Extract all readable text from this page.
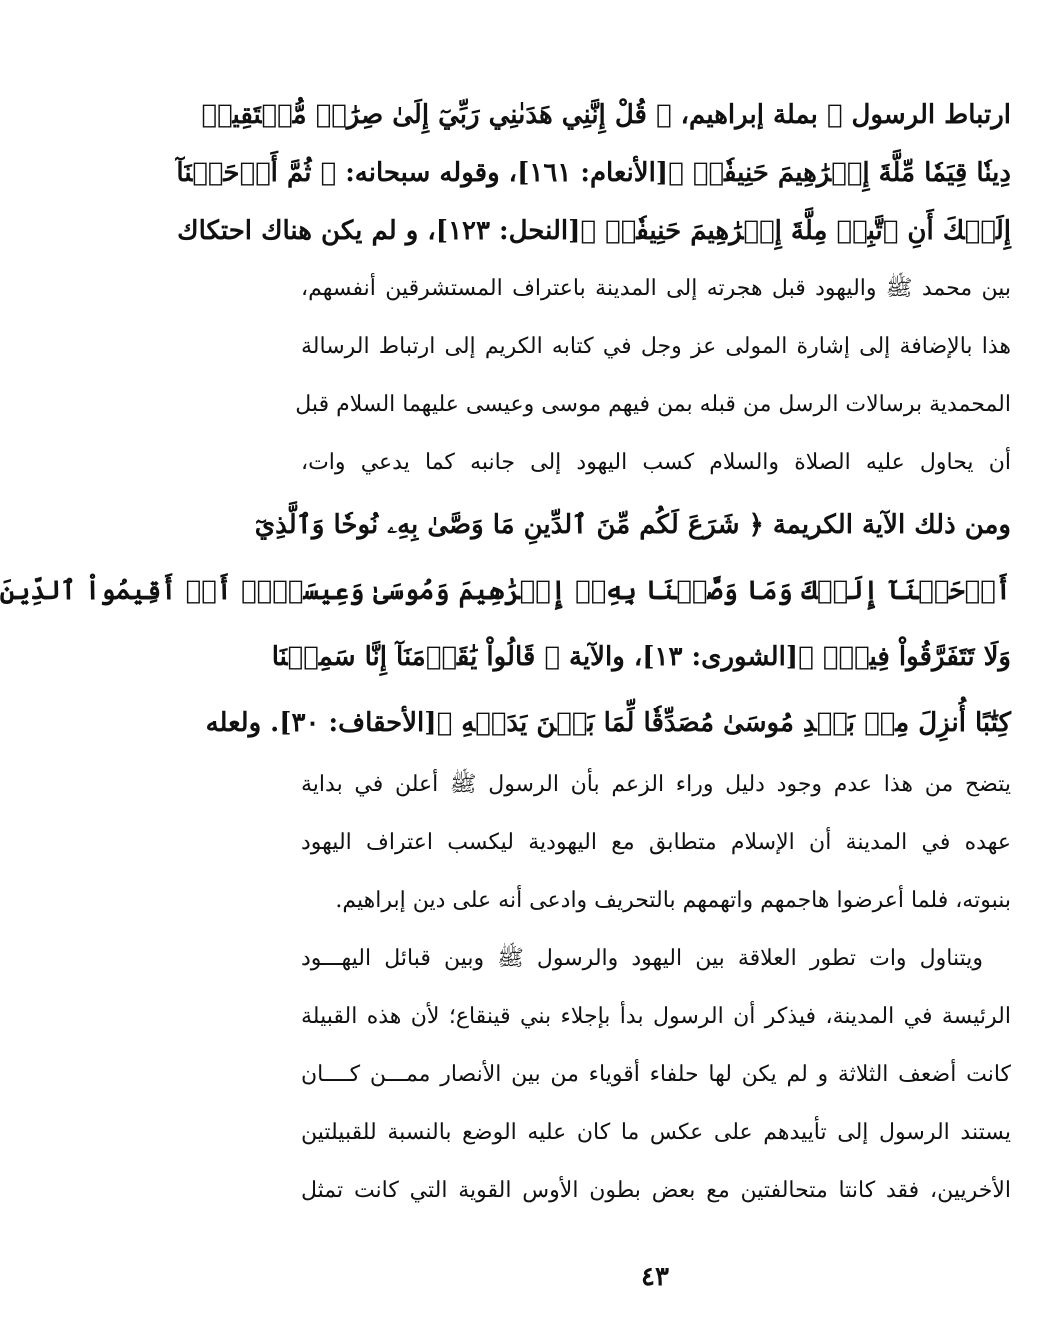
ارتباط الرسول ﷺ بملة إبراهيم، ﴿ قُلْ إِنَّنِي هَدَىٰنِي رَبِّيٓ إِلَىٰ صِرَٰطٖ مُّسۡتَقِيمٖ
دِينٗا قِيَمٗا مِّلَّةَ إِبۡرَٰهِيمَ حَنِيفٗاۚ ﴾[الأنعام: ١٦١]، وقوله سبحانه: ﴿ ثُمَّ أَوۡحَيۡنَآ
إِلَيۡكَ أَنِ ٱتَّبِعۡ مِلَّةَ إِبۡرَٰهِيمَ حَنِيفٗاۖ ﴾[النحل: ١٢٣]، و لم يكن هناك احتكاك
بين محمد ﷺ واليهود قبل هجرته إلى المدينة باعتراف المستشرقين أنفسهم،
هذا بالإضافة إلى إشارة المولى عز وجل في كتابه الكريم إلى ارتباط الرسالة
المحمدية برسالات الرسل من قبله بمن فيهم موسى وعيسى عليهما السلام قبل
أن يحاول عليه الصلاة والسلام كسب اليهود إلى جانبه كما يدعي وات،
ومن ذلك الآية الكريمة ﴿ شَرَعَ لَكُم مِّنَ ٱلدِّينِ مَا وَصَّىٰ بِهِۦ نُوحٗا وَٱلَّذِيٓ
أَوۡحَيۡنَآ إِلَيۡكَ وَمَا وَصَّيۡنَا بِهِۦٓ إِبۡرَٰهِيمَ وَمُوسَىٰ وَعِيسَىٰٓۖ أَنۡ أَقِيمُواْ ٱلدِّينَ
وَلَا تَتَفَرَّقُواْ فِيهِۚ ﴾[الشورى: ١٣]، والآية ﴿ قَالُواْ يَٰقَوۡمَنَآ إِنَّا سَمِعۡنَا
كِتَٰبًا أُنزِلَ مِنۢ بَعۡدِ مُوسَىٰ مُصَدِّقٗا لِّمَا بَيۡنَ يَدَيۡهِ ﴾[الأحقاف: ٣٠]. ولعله
يتضح من هذا عدم وجود دليل وراء الزعم بأن الرسول ﷺ أعلن في بداية
عهده في المدينة أن الإسلام متطابق مع اليهودية ليكسب اعتراف اليهود
بنبوته، فلما أعرضوا هاجمهم واتهمهم بالتحريف وادعى أنه على دين إبراهيم.
ويتناول وات تطور العلاقة بين اليهود والرسول ﷺ وبين قبائل اليهـــود
الرئيسة في المدينة، فيذكر أن الرسول بدأ بإجلاء بني قينقاع؛ لأن هذه القبيلة
كانت أضعف الثلاثة و لم يكن لها حلفاء أقوياء من بين الأنصار ممـــن كــــان
يستند الرسول إلى تأييدهم على عكس ما كان عليه الوضع بالنسبة للقبيلتين
الأخريين، فقد كانتا متحالفتين مع بعض بطون الأوس القوية التي كانت تمثل
٤٣
